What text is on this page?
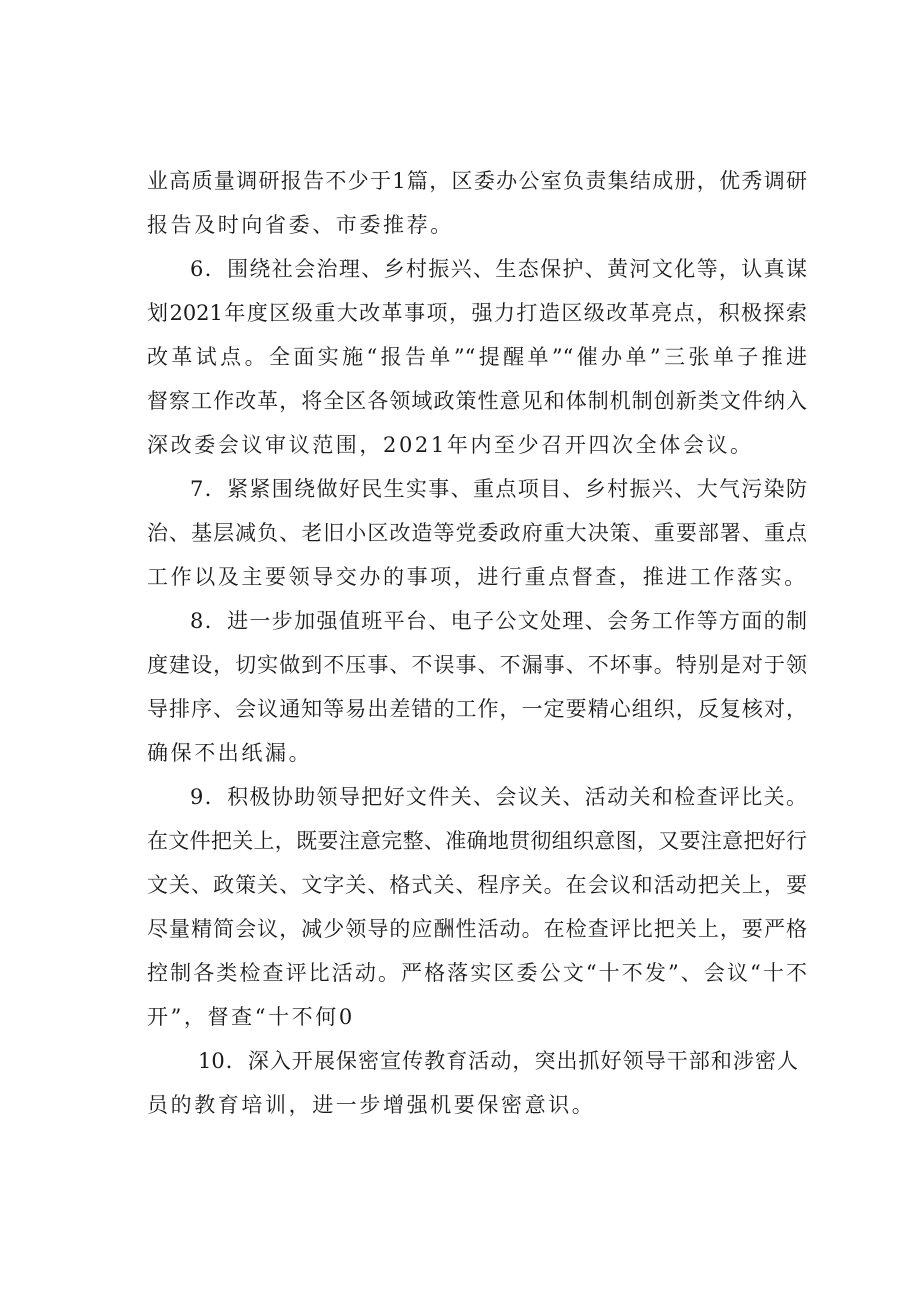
业高质量调研报告不少于1篇，区委办公室负责集结成册，优秀调研
报告及时向省委、市委推荐。
6．围绕社会治理、乡村振兴、生态保护、黄河文化等，认真谋
划2021年度区级重大改革事项，强力打造区级改革亮点，积极探索
改革试点。全面实施“报告单”“提醒单”“催办单”三张单子推进
督察工作改革，将全区各领域政策性意见和体制机制创新类文件纳入
深改委会议审议范围，2021年内至少召开四次全体会议。
7．紧紧围绕做好民生实事、重点项目、乡村振兴、大气污染防
治、基层减负、老旧小区改造等党委政府重大决策、重要部署、重点
工作以及主要领导交办的事项，进行重点督查，推进工作落实。
8．进一步加强值班平台、电子公文处理、会务工作等方面的制
度建设，切实做到不压事、不误事、不漏事、不坏事。特别是对于领
导排序、会议通知等易出差错的工作，一定要精心组织，反复核对，
确保不出纸漏。
9．积极协助领导把好文件关、会议关、活动关和检查评比关。
在文件把关上，既要注意完整、准确地贯彻组织意图，又要注意把好行
文关、政策关、文字关、格式关、程序关。在会议和活动把关上，要
尽量精简会议，减少领导的应酬性活动。在检查评比把关上，要严格
控制各类检查评比活动。严格落实区委公文“十不发”、会议“十不
开”，督查“十不何0
10．深入开展保密宣传教育活动，突出抓好领导干部和涉密人
员的教育培训，进一步增强机要保密意识。
